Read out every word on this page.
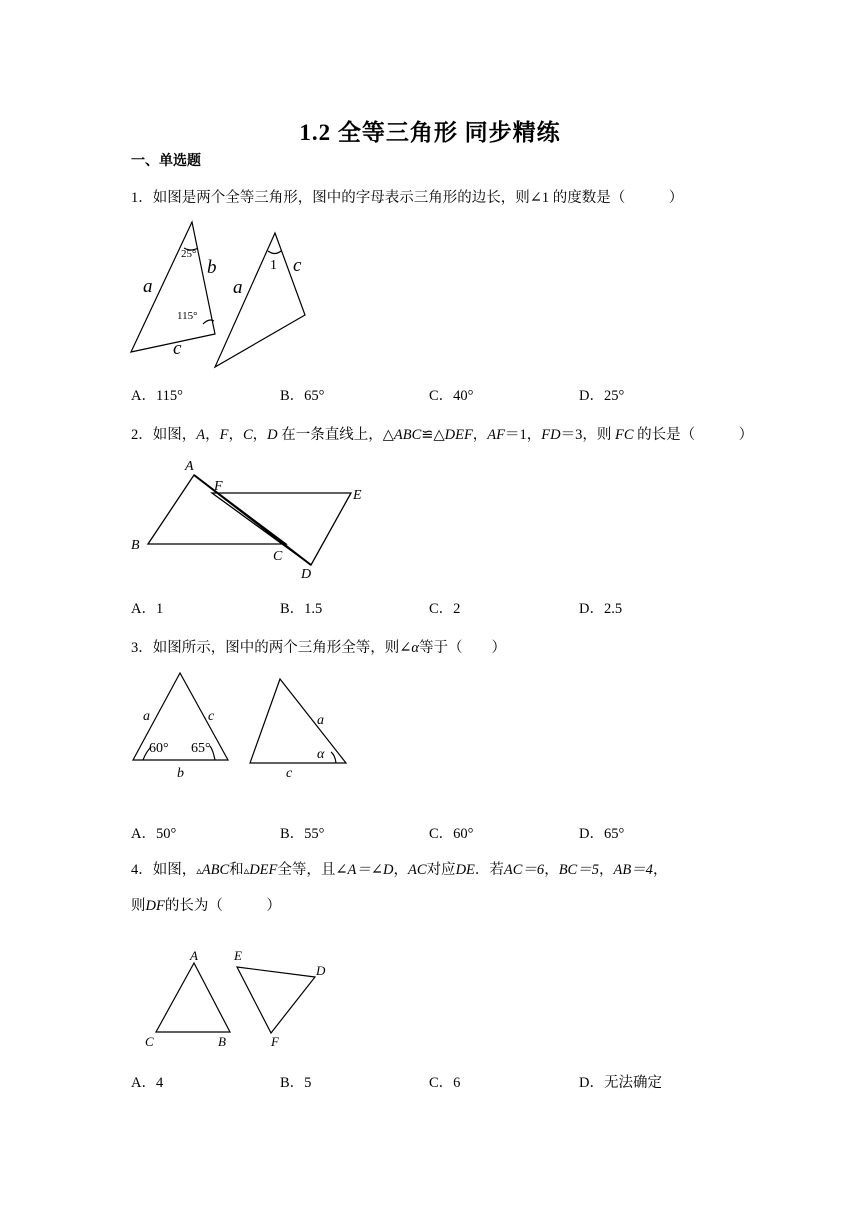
1.2 全等三角形 同步精练
一、单选题
1．如图是两个全等三角形，图中的字母表示三角形的边长，则∠1 的度数是（　　　）
25°
b
a
115°
c
1 c
a
A．115°	B．65°	C．40°	D．25°
2．如图，A，F，C，D 在一条直线上，△ABC≌△DEF，AF＝1，FD＝3，则 FC 的长是（　　　）
A
F
E
B
C
D
A．1	B．1.5	C．2	D．2.5
3．如图所示，图中的两个三角形全等，则∠α等于（　　）
a	c
60° 65°
b
a
α
c
A．50°	B．55°	C．60°	D．65°
4．如图，▵ABC和▵DEF全等，且∠A＝∠D，AC对应DE．若AC＝6，BC＝5，AB＝4，
则DF的长为（　　　）
A
C	B
E
D
F
A．4	B．5	C．6	D．无法确定
